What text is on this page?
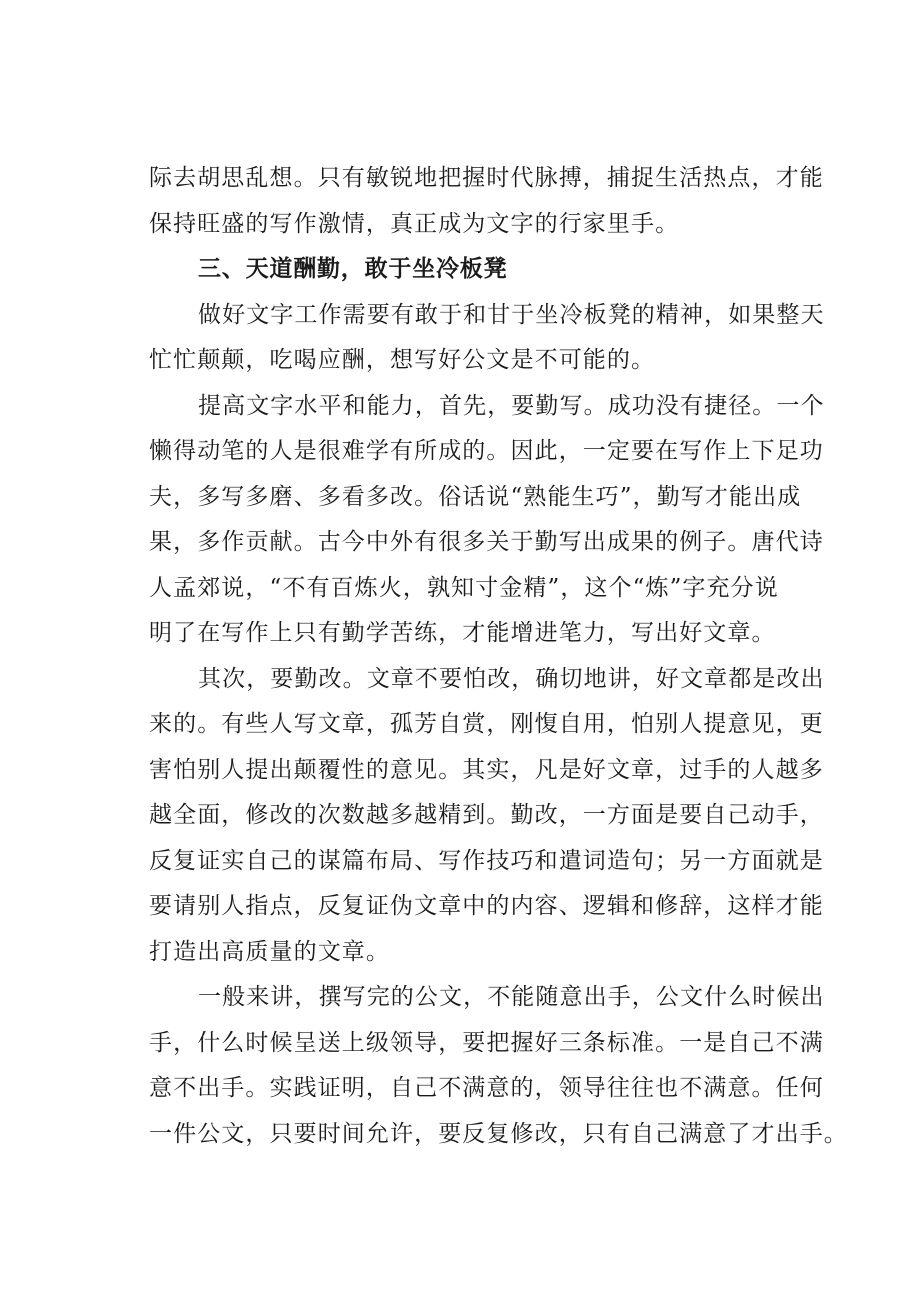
际去胡思乱想。只有敏锐地把握时代脉搏，捕捉生活热点，才能
保持旺盛的写作激情，真正成为文字的行家里手。
三、天道酬勤，敢于坐冷板凳
做好文字工作需要有敢于和甘于坐冷板凳的精神，如果整天
忙忙颠颠，吃喝应酬，想写好公文是不可能的。
提高文字水平和能力，首先，要勤写。成功没有捷径。一个
懒得动笔的人是很难学有所成的。因此，一定要在写作上下足功
夫，多写多磨、多看多改。俗话说“熟能生巧”，勤写才能出成
果，多作贡献。古今中外有很多关于勤写出成果的例子。唐代诗
人孟郊说，“不有百炼火，孰知寸金精”，这个“炼”字充分说
明了在写作上只有勤学苦练，才能增进笔力，写出好文章。
其次，要勤改。文章不要怕改，确切地讲，好文章都是改出
来的。有些人写文章，孤芳自赏，刚愎自用，怕别人提意见，更
害怕别人提出颠覆性的意见。其实，凡是好文章，过手的人越多
越全面，修改的次数越多越精到。勤改，一方面是要自己动手，
反复证实自己的谋篇布局、写作技巧和遣词造句；另一方面就是
要请别人指点，反复证伪文章中的内容、逻辑和修辞，这样才能
打造出高质量的文章。
一般来讲，撰写完的公文，不能随意出手，公文什么时候出
手，什么时候呈送上级领导，要把握好三条标准。一是自己不满
意不出手。实践证明，自己不满意的，领导往往也不满意。任何
一件公文，只要时间允许，要反复修改，只有自己满意了才出手。
